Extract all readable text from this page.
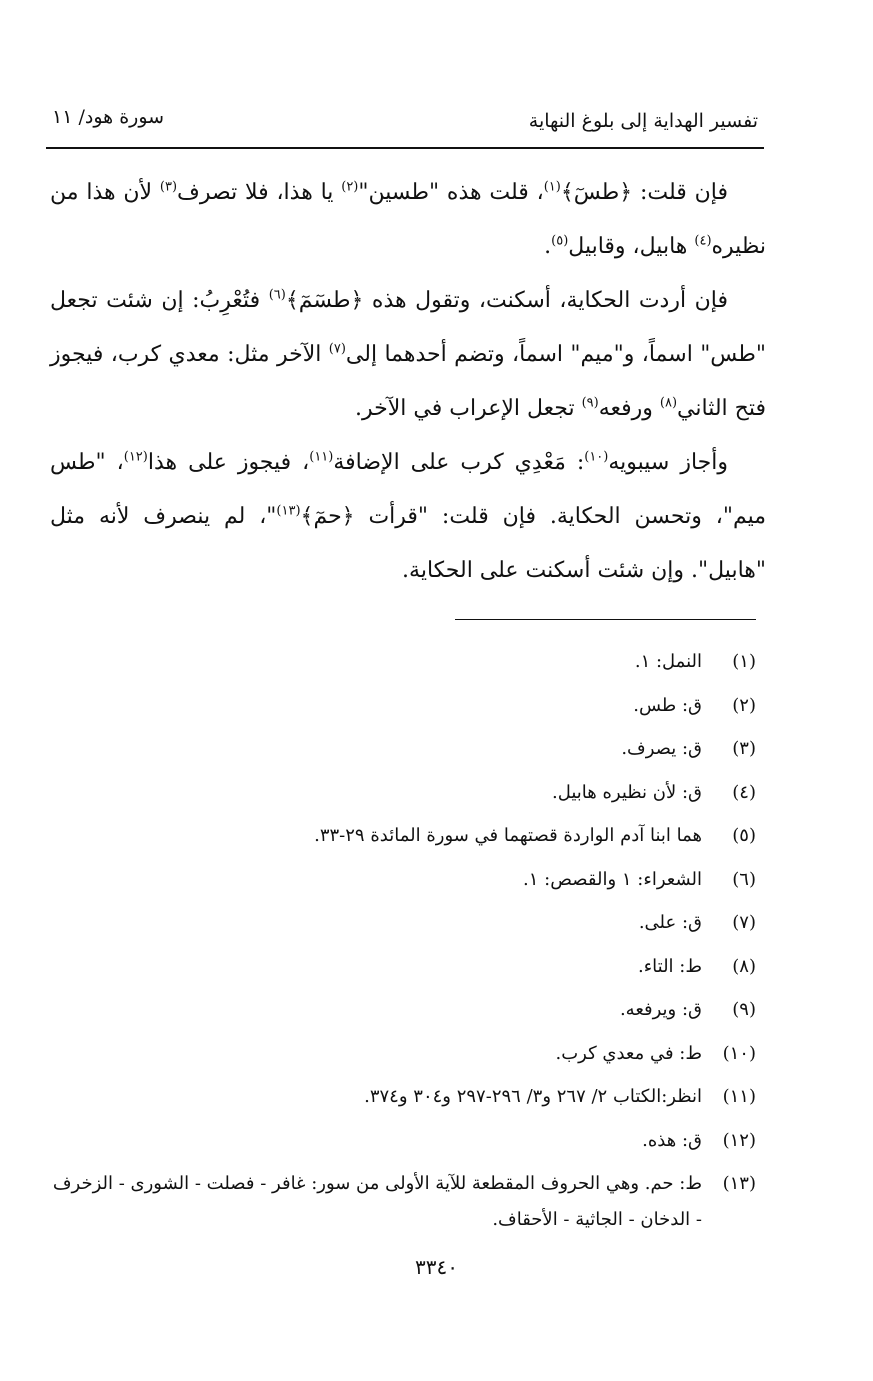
تفسير الهداية إلى بلوغ النهاية
سورة هود/ ١١

فإن قلت: ﴿طسٓ﴾$^{(١)}$، قلت هذه "طسين"$^{(٢)}$ يا هذا، فلا تصرف$^{(٣)}$ لأن هذا من نظيره$^{(٤)}$ هابيل، وقابيل$^{(٥)}$.

فإن أردت الحكاية، أسكنت، وتقول هذه ﴿طسٓمٓ﴾$^{(٦)}$ فتُعْرِبُ: إن شئت تجعل "طس" اسماً، و"ميم" اسماً، وتضم أحدهما إلى$^{(٧)}$ الآخر مثل: معدي كرب، فيجوز فتح الثاني$^{(٨)}$ ورفعه$^{(٩)}$ تجعل الإعراب في الآخر.

وأجاز سيبويه$^{(١٠)}$: مَعْدِي كرب على الإضافة$^{(١١)}$، فيجوز على هذا$^{(١٢)}$، "طس ميم"، وتحسن الحكاية. فإن قلت: "قرأت ﴿حمٓ﴾$^{(١٣)}$"، لم ينصرف لأنه مثل "هابيل". وإن شئت أسكنت على الحكاية.

(١)
النمل: ١.
(٢)
ق: طس.
(٣)
ق: يصرف.
(٤)
ق: لأن نظيره هابيل.
(٥)
هما ابنا آدم الواردة قصتهما في سورة المائدة ٢٩-٣٣.
(٦)
الشعراء: ١ والقصص: ١.
(٧)
ق: على.
(٨)
ط: التاء.
(٩)
ق: ويرفعه.
(١٠)
ط: في معدي كرب.
(١١)
انظر:الكتاب ٢/ ٢٦٧ و٣/ ٢٩٦-٢٩٧ و٣٠٤ و٣٧٤.
(١٢)
ق: هذه.
(١٣)
ط: حم. وهي الحروف المقطعة للآية الأولى من سور: غافر - فصلت - الشورى - الزخرف
- الدخان - الجاثية - الأحقاف.
٣٣٤٠
